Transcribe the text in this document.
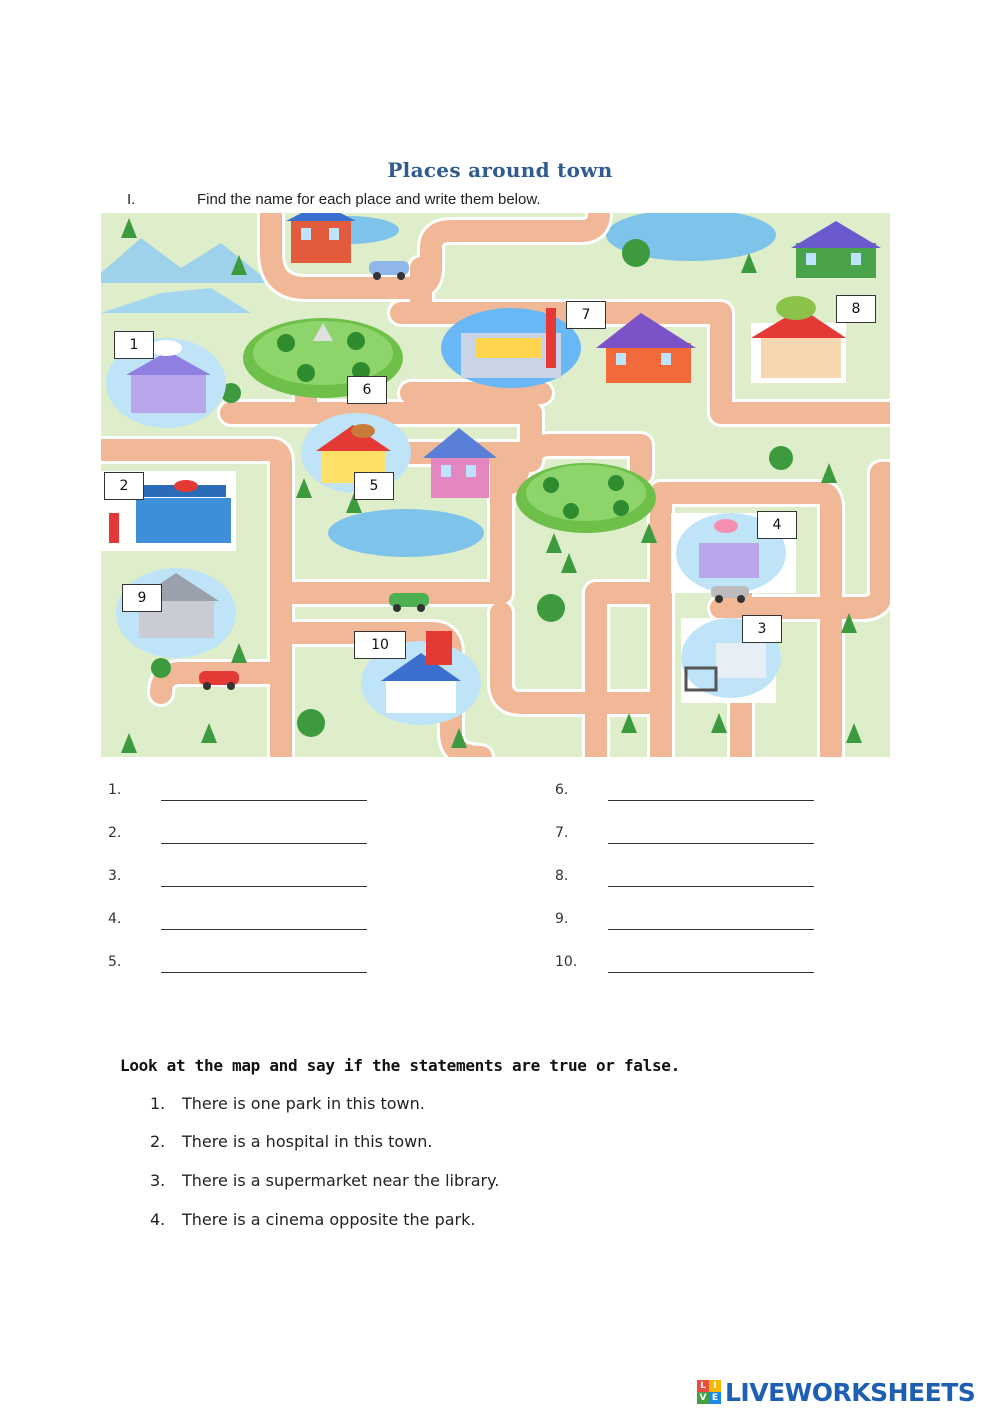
Places around town
I.	Find the name for each place and write them below.
1
2
3
4
5
6
7	8
9
10
1.
2.
3.
4.
5.
6.
7.
8.
9.
10.
Look at the map and say if the statements are true or false.
1. There is one park in this town.
2. There is a hospital in this town.
3. There is a supermarket near the library.
4. There is a cinema opposite the park.
L I
V E LIVEWORKSHEETS
